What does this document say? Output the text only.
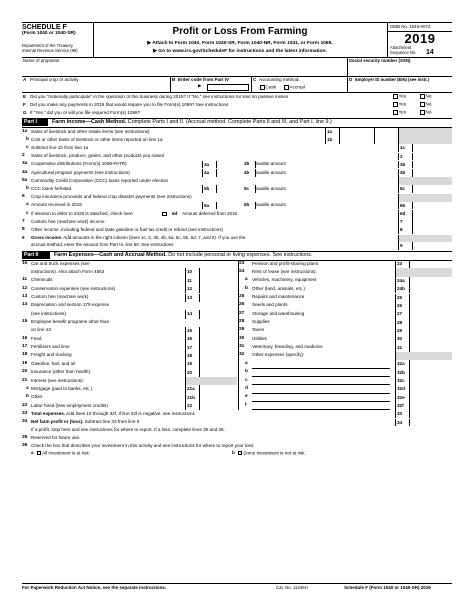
SCHEDULE F
(Form 1040 or 1040-SR)
Department of the Treasury
Internal Revenue Service (99)
Profit or Loss From Farming
▶ Attach to Form 1040, Form 1040-SR, Form 1040-NR, Form 1041, or Form 1065.
▶ Go to www.irs.gov/ScheduleF for instructions and the latest information.
OMB No. 1545-0074
2019
Attachment
Sequence No. 14
Name of proprietor	Social security number (SSN)
A Principal crop or activity	B Enter code from Part IV
▶
C Accounting method:
Cash	Accrual
D Employer ID number (EIN) (see instr.)
E Did you “materially participate” in the operation of this business during 2019? If “No,” see instructions for limit on passive losses	Yes	No
F Did you make any payments in 2019 that would require you to file Form(s) 1099? See instructions	Yes	No
G If “Yes,” did you or will you file required Form(s) 1099?	Yes	No
Part I	Farm Income—Cash Method. Complete Parts I and II. (Accrual method. Complete Parts II and III, and Part I, line 9.)
1a Sales of livestock and other resale items (see instructions)	1a
b Cost or other basis of livestock or other items reported on line 1a	1b
c Subtract line 1b from line 1a	1c
2	Sales of livestock, produce, grains, and other products you raised	2
3a Cooperative distributions (Form(s) 1099-PATR)	3a	3b Taxable amount	3b
4a Agricultural program payments (see instructions)	4a	4b Taxable amount	4b
5a Commodity Credit Corporation (CCC) loans reported under election
b CCC loans forfeited	5b	5c Taxable amount	5c
6	Crop insurance proceeds and federal crop disaster payments (see instructions)
a Amount received in 2019	6a	6b Taxable amount	6b
c If election to defer to 2020 is attached, check here	6d Amount deferred from 2018	6d
7	Custom hire (machine work) income	7
8	Other income, including federal and state gasoline or fuel tax credit or refund (see instructions)	8
9 Gross income. Add amounts in the right column (lines 1c, 2, 3b, 4b, 5a, 5c, 6b, 6d, 7, and 8). If you use the
accrual method, enter the amount from Part III, line 50. See instructions	9
Part II	Farm Expenses—Cash and Accrual Method. Do not include personal or living expenses. See instructions.
10 Car and truck expenses (see
instructions). Also attach Form 4562	10
11 Chemicals	11
12 Conservation expenses (see instructions)	12
13 Custom hire (machine work)	13
14 Depreciation and section 179 expense
(see instructions)	14
15 Employee benefit programs other than
on line 23	15
16 Feed	16
17 Fertilizers and lime	17
18 Freight and trucking	18
19 Gasoline, fuel, and oil	19
20 Insurance (other than health)	20
21 Interest (see instructions):
a Mortgage (paid to banks, etc.)	21a
b Other	21b
22 Labor hired (less employment credits)	22
23	Pension and profit-sharing plans	23
24	Rent or lease (see instructions):
a Vehicles, machinery, equipment	24a
b Other (land, animals, etc.)	24b
25	Repairs and maintenance	25
26	Seeds and plants	26
27	Storage and warehousing	27
28	Supplies	28
29	Taxes	29
30	Utilities	30
31	Veterinary, breeding, and medicine	31
32	Other expenses (specify):
a	32a
b	32b
c	32c
d	32d
e	32e
f	32f
33 Total expenses. Add lines 10 through 32f. If line 32f is negative, see instructions	33
34 Net farm profit or (loss). Subtract line 33 from line 9	34
If a profit, stop here and see instructions for where to report. If a loss, complete lines 35 and 36.
35 Reserved for future use.
36 Check the box that describes your investment in this activity and see instructions for where to report your loss:
a All investment is at risk.	b Some investment is not at risk.
For Paperwork Reduction Act Notice, see the separate instructions.	Cat. No. 11346H	Schedule F (Form 1040 or 1040-SR) 2019
